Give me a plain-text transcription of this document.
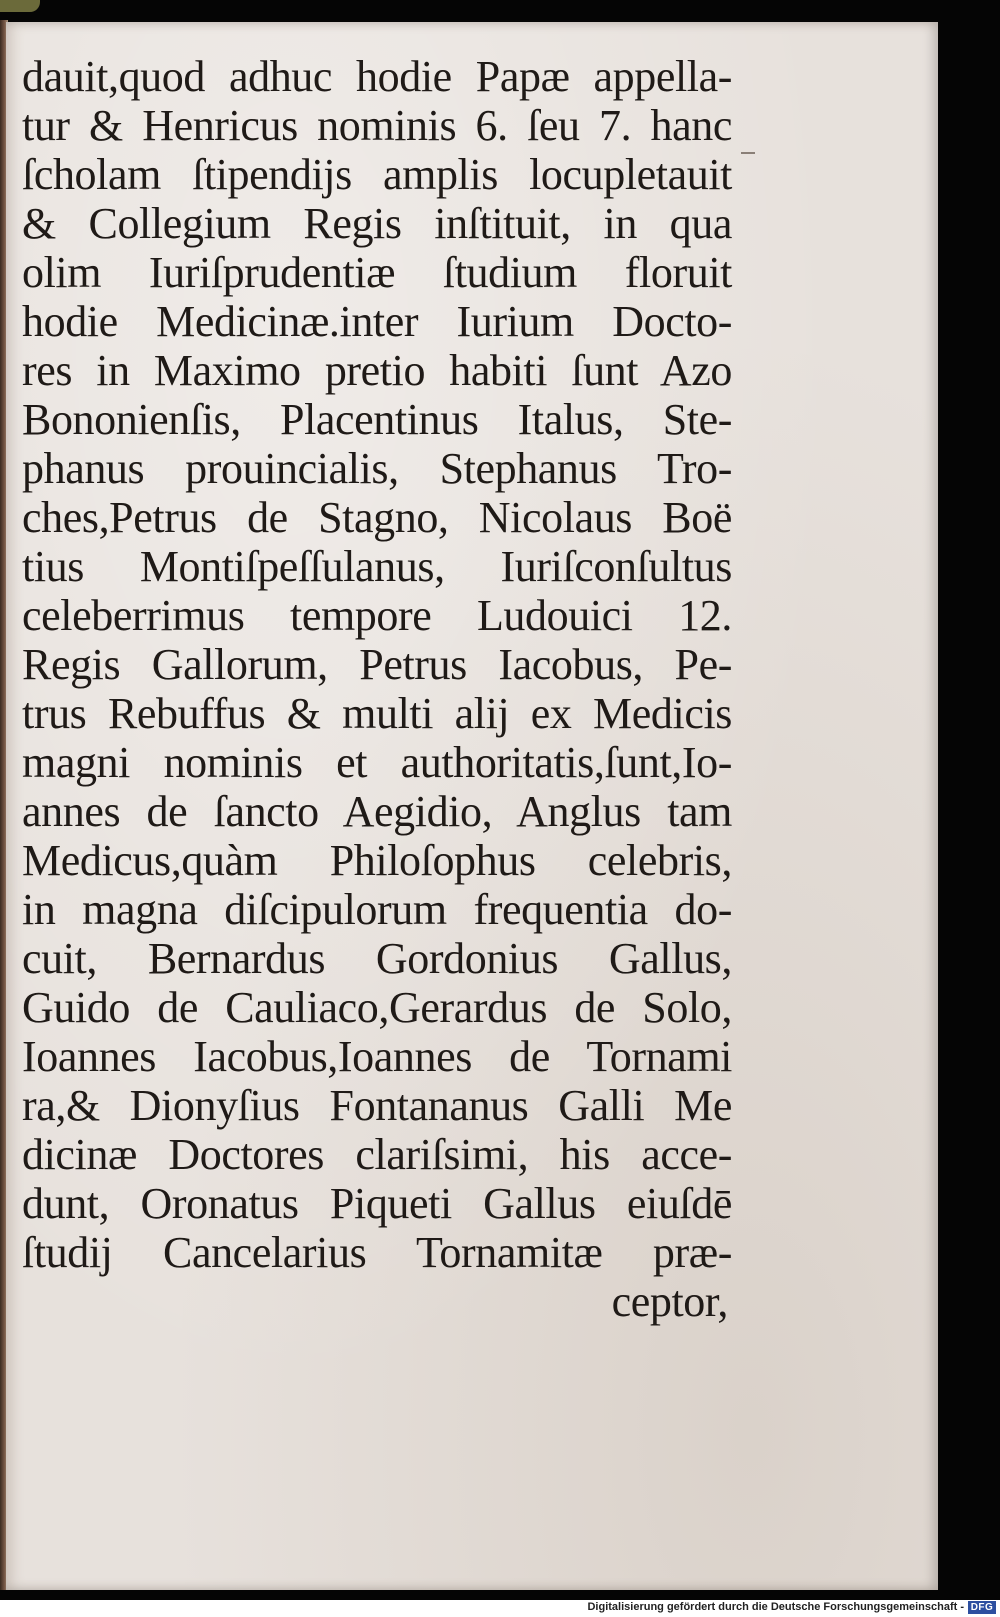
dauit,quod adhuc hodie Papæ appella-
tur & Henricus nominis 6. ſeu 7. hanc
ſcholam ſtipendijs amplis locupletauit
& Collegium Regis inſtituit, in qua
olim Iuriſprudentiæ ſtudium floruit
hodie Medicinæ.inter Iurium Docto-
res in Maximo pretio habiti ſunt Azo
Bononienſis, Placentinus Italus, Ste-
phanus prouincialis, Stephanus Tro-
ches,Petrus de Stagno, Nicolaus Boë
tius Montiſpeſſulanus, Iuriſconſultus
celeberrimus tempore Ludouici 12.
Regis Gallorum, Petrus Iacobus, Pe-
trus Rebuffus & multi alij ex Medicis
magni nominis et authoritatis,ſunt,Io-
annes de ſancto Aegidio, Anglus tam
Medicus,quàm Philoſophus celebris,
in magna diſcipulorum frequentia do-
cuit, Bernardus Gordonius Gallus,
Guido de Cauliaco,Gerardus de Solo,
Ioannes Iacobus,Ioannes de Tornami
ra,& Dionyſius Fontananus Galli Me
dicinæ Doctores clariſsimi, his acce-
dunt, Oronatus Piqueti Gallus eiuſdē
ſtudij Cancelarius Tornamitæ præ-
ceptor,
Digitalisierung gefördert durch die Deutsche Forschungsgemeinschaft - DFG
